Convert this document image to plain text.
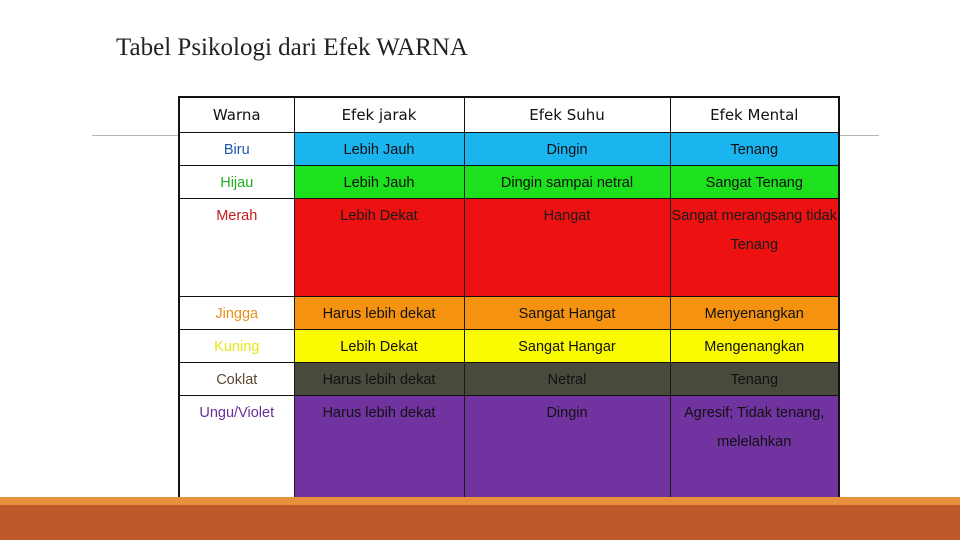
Tabel Psikologi dari Efek WARNA
Warna	Efek jarak	Efek Suhu	Efek Mental
Biru	Lebih Jauh	Dingin	Tenang
Hijau	Lebih Jauh	Dingin sampai netral	Sangat Tenang
Merah	Lebih Dekat	Hangat	Sangat merangsang tidak Tenang
Jingga	Harus lebih dekat	Sangat Hangat	Menyenangkan
Kuning	Lebih Dekat	Sangat Hangar	Mengenangkan
Coklat	Harus lebih dekat	Netral	Tenang
Ungu/Violet	Harus lebih dekat	Dingin	Agresif; Tidak tenang, melelahkan
